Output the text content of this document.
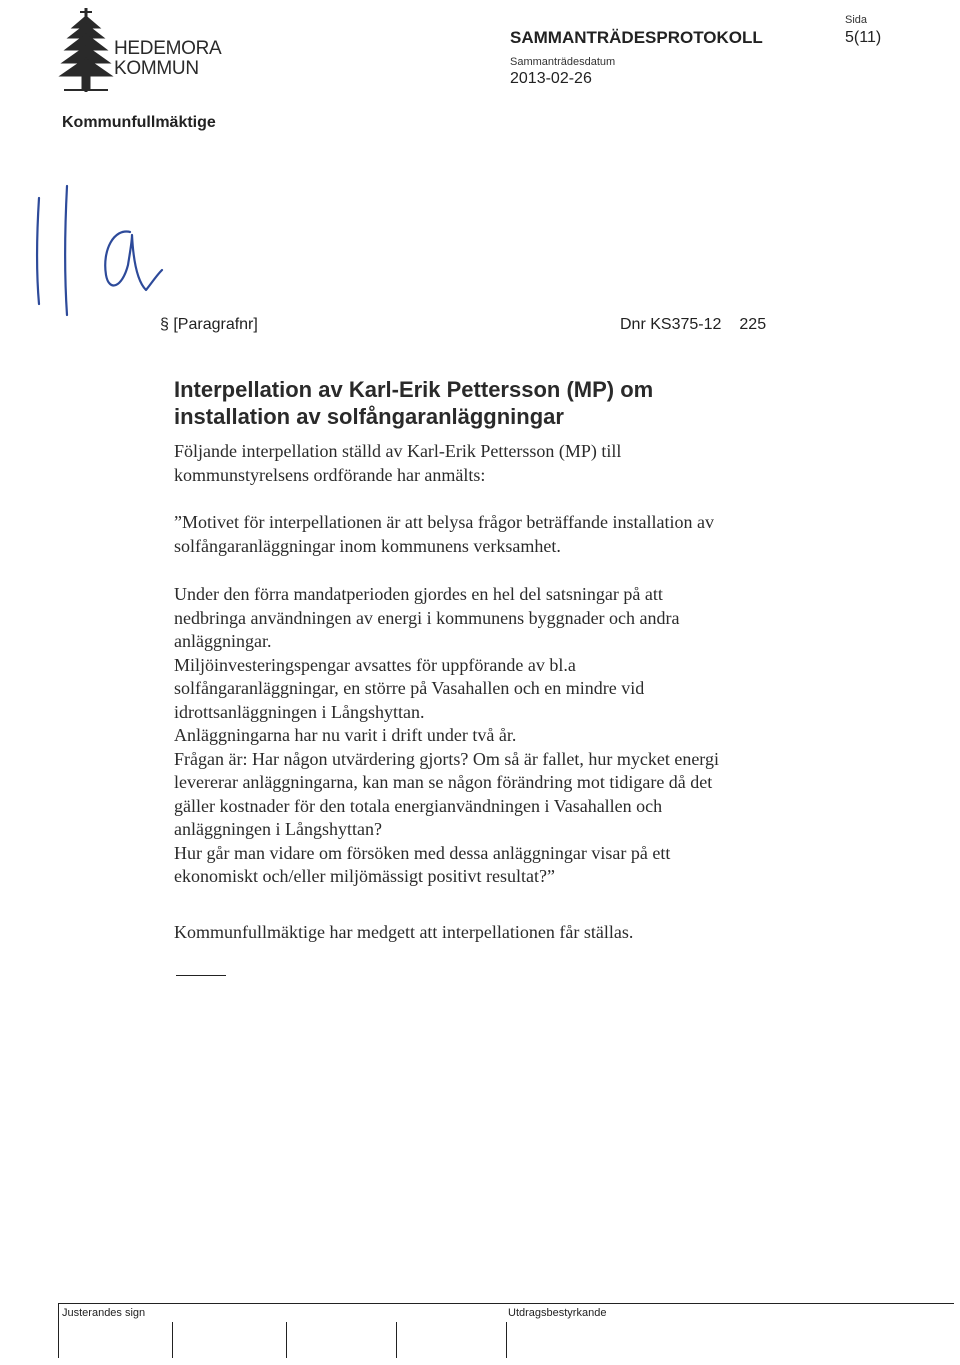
HEDEMORA
KOMMUN
SAMMANTRÄDESPROTOKOLL
Sammanträdesdatum
2013-02-26
Sida
5(11)
Kommunfullmäktige
§ [Paragrafnr]	Dnr KS375-12 225
Interpellation av Karl-Erik Pettersson (MP) om
installation av solfångaranläggningar

Följande interpellation ställd av Karl-Erik Pettersson (MP) till

kommunstyrelsens ordförande har anmälts:

”Motivet för interpellationen är att belysa frågor beträffande installation av

solfångaranläggningar inom kommunens verksamhet.

Under den förra mandatperioden gjordes en hel del satsningar på att

nedbringa användningen av energi i kommunens byggnader och andra

anläggningar.

Miljöinvesteringspengar avsattes för uppförande av bl.a

solfångaranläggningar, en större på Vasahallen och en mindre vid

idrottsanläggningen i Långshyttan.

Anläggningarna har nu varit i drift under två år.

Frågan är: Har någon utvärdering gjorts? Om så är fallet, hur mycket energi

levererar anläggningarna, kan man se någon förändring mot tidigare då det

gäller kostnader för den totala energianvändningen i Vasahallen och

anläggningen i Långshyttan?

Hur går man vidare om försöken med dessa anläggningar visar på ett

ekonomiskt och/eller miljömässigt positivt resultat?”

Kommunfullmäktige har medgett att interpellationen får ställas.
Justerandes sign	Utdragsbestyrkande
